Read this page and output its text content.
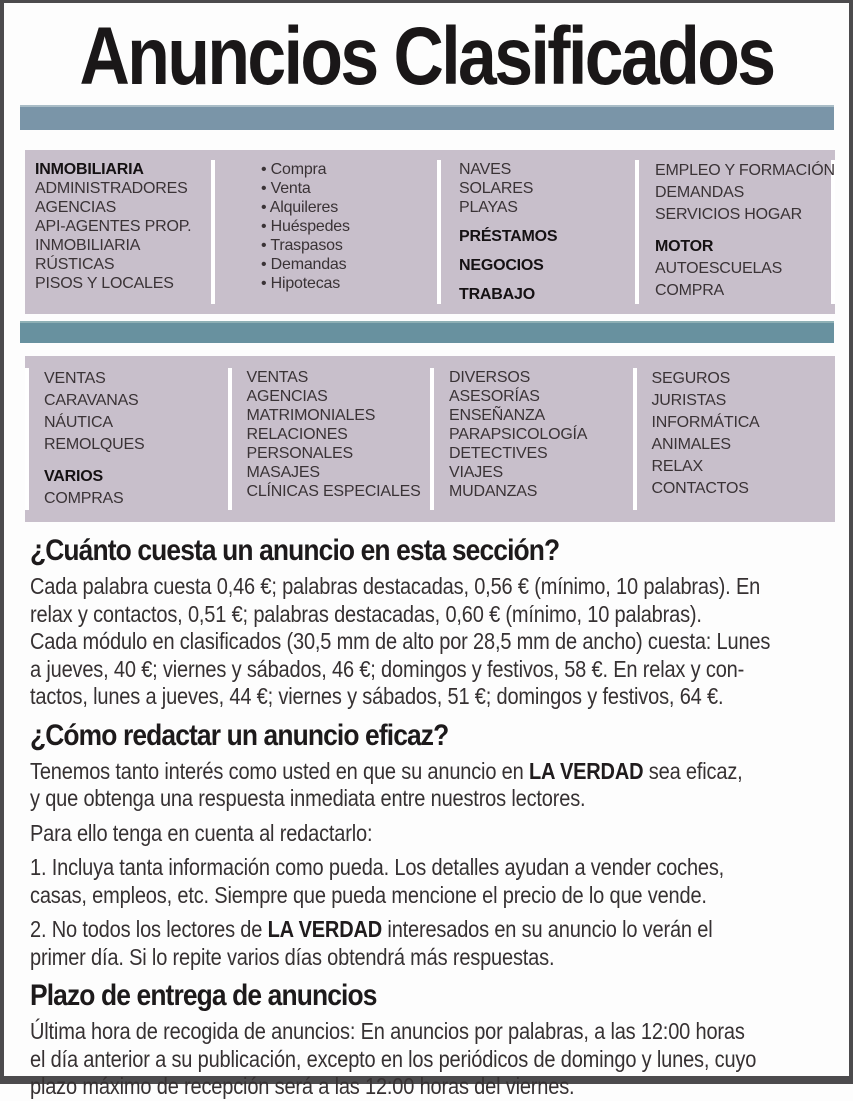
Anuncios Clasificados
INMOBILIARIA
ADMINISTRADORES
AGENCIAS
API-AGENTES PROP.
INMOBILIARIA
RÚSTICAS
PISOS Y LOCALES
• Compra
• Venta
• Alquileres
• Huéspedes
• Traspasos
• Demandas
• Hipotecas
NAVES
SOLARES
PLAYAS
PRÉSTAMOS
NEGOCIOS
TRABAJO
EMPLEO Y FORMACIÓN
DEMANDAS
SERVICIOS HOGAR
MOTOR
AUTOESCUELAS
COMPRA
VENTAS
CARAVANAS
NÁUTICA
REMOLQUES
VARIOS
COMPRAS
VENTAS
AGENCIAS
MATRIMONIALES
RELACIONES
PERSONALES
MASAJES
CLÍNICAS ESPECIALES
DIVERSOS
ASESORÍAS
ENSEÑANZA
PARAPSICOLOGÍA
DETECTIVES
VIAJES
MUDANZAS
SEGUROS
JURISTAS
INFORMÁTICA
ANIMALES
RELAX
CONTACTOS
¿Cuánto cuesta un anuncio en esta sección?
Cada palabra cuesta 0,46 €; palabras destacadas, 0,56 € (mínimo, 10 palabras). En
relax y contactos, 0,51 €; palabras destacadas, 0,60 € (mínimo, 10 palabras).
Cada módulo en clasificados (30,5 mm de alto por 28,5 mm de ancho) cuesta: Lunes
a jueves, 40 €; viernes y sábados, 46 €; domingos y festivos, 58 €. En relax y con-
tactos, lunes a jueves, 44 €; viernes y sábados, 51 €; domingos y festivos, 64 €.
¿Cómo redactar un anuncio eficaz?
Tenemos tanto interés como usted en que su anuncio en LA VERDAD sea eficaz,
y que obtenga una respuesta inmediata entre nuestros lectores.
Para ello tenga en cuenta al redactarlo:
1. Incluya tanta información como pueda. Los detalles ayudan a vender coches,
casas, empleos, etc. Siempre que pueda mencione el precio de lo que vende.
2. No todos los lectores de LA VERDAD interesados en su anuncio lo verán el
primer día. Si lo repite varios días obtendrá más respuestas.
Plazo de entrega de anuncios
Última hora de recogida de anuncios: En anuncios por palabras, a las 12:00 horas
el día anterior a su publicación, excepto en los periódicos de domingo y lunes, cuyo
plazo máximo de recepción será a las 12:00 horas del viernes.
